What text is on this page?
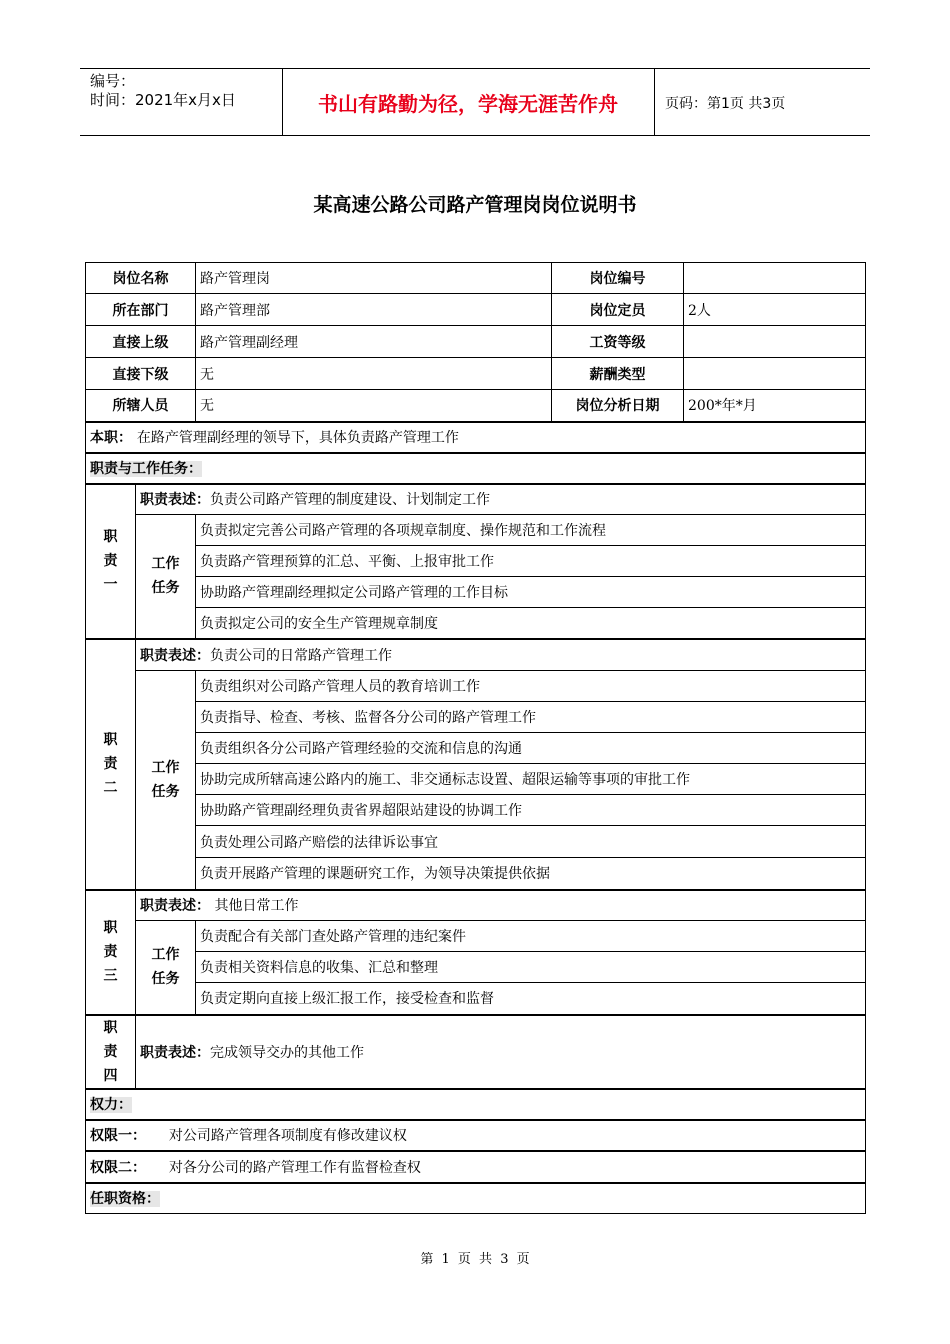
编号：
时间：2021年x月x日	书山有路勤为径，学海无涯苦作舟	页码：第1页 共3页
某高速公路公司路产管理岗岗位说明书
岗位名称		路产管理岗	岗位编号	
所在部门		路产管理部	岗位定员	2人
直接上级		路产管理副经理	工资等级	
直接下级		无	薪酬类型	
所辖人员		无	岗位分析日期	200*年*月
本职： 在路产管理副经理的领导下，具体负责路产管理工作				
职责与工作任务：				
职责一	职责表述：负责公司路产管理的制度建设、计划制定工作			
	工作任务	负责拟定完善公司路产管理的各项规章制度、操作规范和工作流程		
		负责路产管理预算的汇总、平衡、上报审批工作		
		协助路产管理副经理拟定公司路产管理的工作目标		
		负责拟定公司的安全生产管理规章制度		
职责二	职责表述：负责公司的日常路产管理工作			
	工作任务	负责组织对公司路产管理人员的教育培训工作		
		负责指导、检查、考核、监督各分公司的路产管理工作		
		负责组织各分公司路产管理经验的交流和信息的沟通		
		协助完成所辖高速公路内的施工、非交通标志设置、超限运输等事项的审批工作		
		协助路产管理副经理负责省界超限站建设的协调工作		
		负责处理公司路产赔偿的法律诉讼事宜		
		负责开展路产管理的课题研究工作，为领导决策提供依据		
职责三	职责表述： 其他日常工作			
	工作任务	负责配合有关部门查处路产管理的违纪案件		
		负责相关资料信息的收集、汇总和整理		
		负责定期向直接上级汇报工作，接受检查和监督		
职责四	职责表述：完成领导交办的其他工作			
权力：				
权限一： 对公司路产管理各项制度有修改建议权				
权限二： 对各分公司的路产管理工作有监督检查权				
任职资格：				
第 1 页 共 3 页
